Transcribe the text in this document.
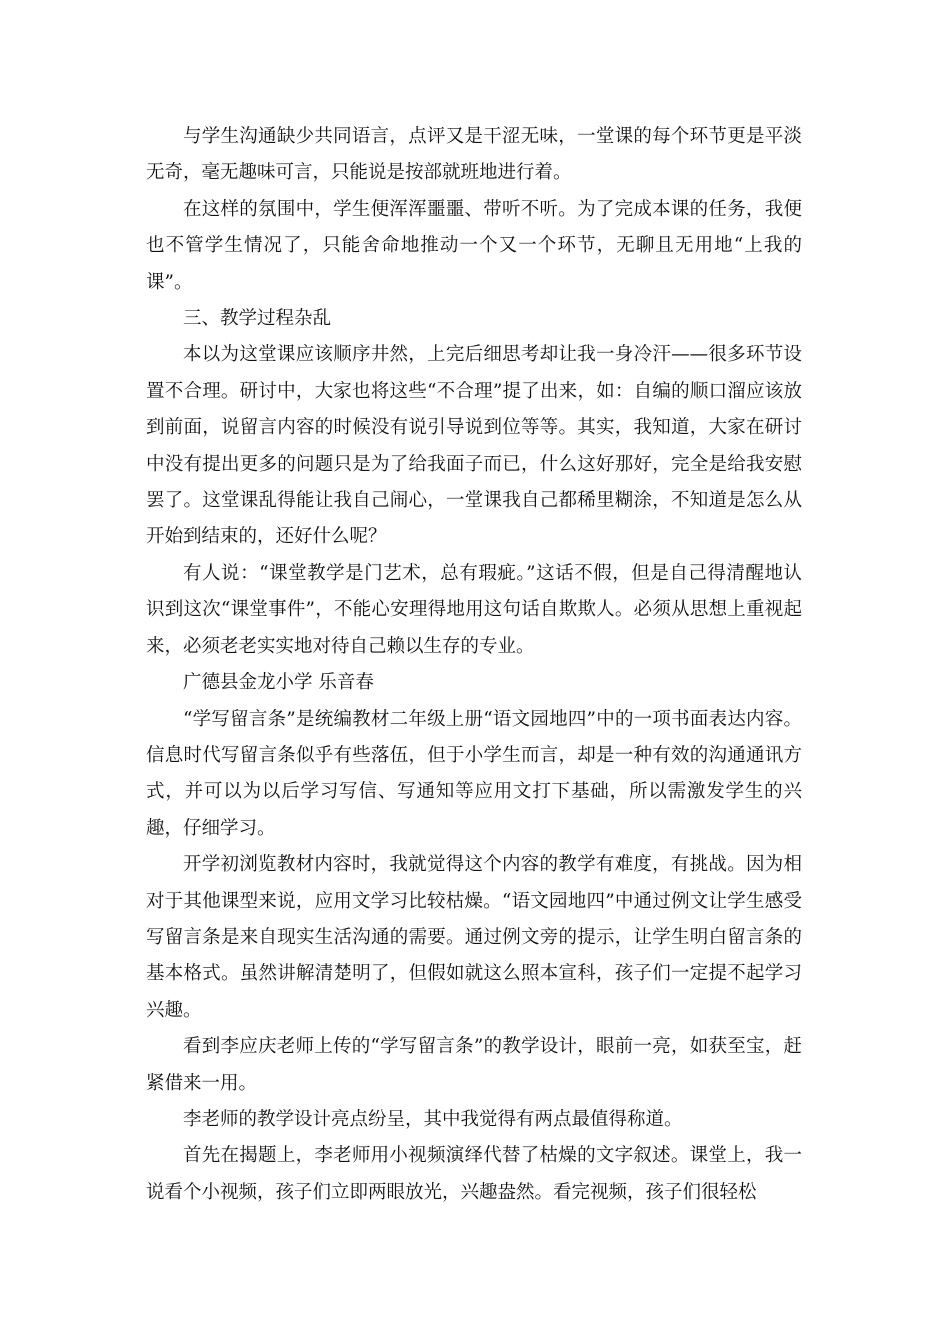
与学生沟通缺少共同语言，点评又是干涩无味，一堂课的每个环节更是平淡无奇，毫无趣味可言，只能说是按部就班地进行着。

在这样的氛围中，学生便浑浑噩噩、带听不听。为了完成本课的任务，我便也不管学生情况了，只能舍命地推动一个又一个环节，无聊且无用地“上我的课”。

三、教学过程杂乱

本以为这堂课应该顺序井然，上完后细思考却让我一身冷汗——很多环节设置不合理。研讨中，大家也将这些“不合理”提了出来，如：自编的顺口溜应该放到前面，说留言内容的时候没有说引导说到位等等。其实，我知道，大家在研讨中没有提出更多的问题只是为了给我面子而已，什么这好那好，完全是给我安慰罢了。这堂课乱得能让我自己闹心，一堂课我自己都稀里糊涂，不知道是怎么从开始到结束的，还好什么呢？

有人说：“课堂教学是门艺术，总有瑕疵。”这话不假，但是自己得清醒地认识到这次“课堂事件”，不能心安理得地用这句话自欺欺人。必须从思想上重视起来，必须老老实实地对待自己赖以生存的专业。

广德县金龙小学 乐音春

“学写留言条”是统编教材二年级上册“语文园地四”中的一项书面表达内容。信息时代写留言条似乎有些落伍，但于小学生而言，却是一种有效的沟通通讯方式，并可以为以后学习写信、写通知等应用文打下基础，所以需激发学生的兴趣，仔细学习。

开学初浏览教材内容时，我就觉得这个内容的教学有难度，有挑战。因为相对于其他课型来说，应用文学习比较枯燥。“语文园地四”中通过例文让学生感受写留言条是来自现实生活沟通的需要。通过例文旁的提示，让学生明白留言条的基本格式。虽然讲解清楚明了，但假如就这么照本宣科，孩子们一定提不起学习兴趣。

看到李应庆老师上传的“学写留言条”的教学设计，眼前一亮，如获至宝，赶紧借来一用。

李老师的教学设计亮点纷呈，其中我觉得有两点最值得称道。

首先在揭题上，李老师用小视频演绎代替了枯燥的文字叙述。课堂上，我一说看个小视频，孩子们立即两眼放光，兴趣盎然。看完视频，孩子们很轻松
